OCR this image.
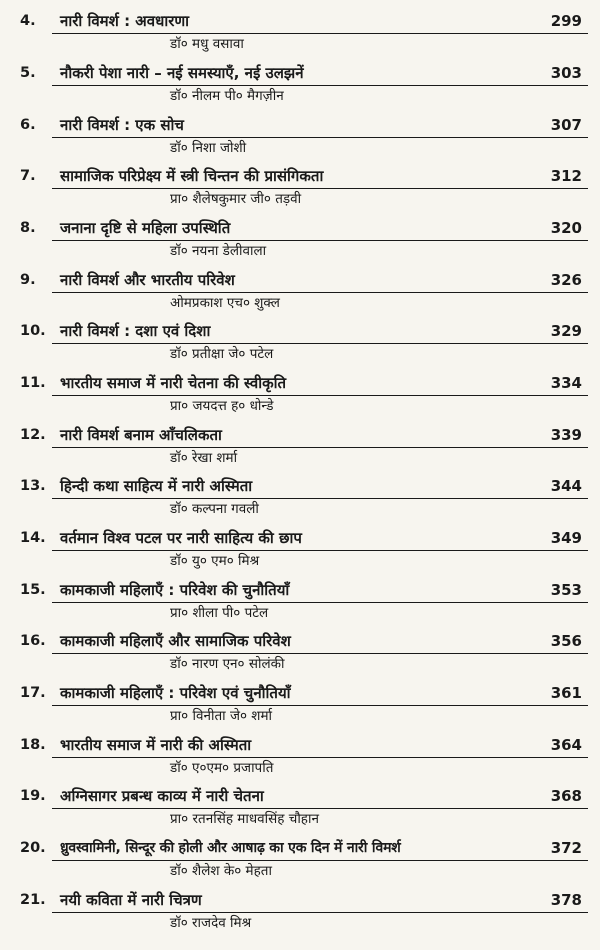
4. नारी विमर्श : अवधारणा	299
डॉ० मधु वसावा
5. नौकरी पेशा नारी – नई समस्याएँ, नई उलझनें	303
डॉ० नीलम पी० मैगज़ीन
6. नारी विमर्श : एक सोच	307
डॉ० निशा जोशी
7. सामाजिक परिप्रेक्ष्य में स्त्री चिन्तन की प्रासंगिकता	312
प्रा० शैलेषकुमार जी० तड़वी
8. जनाना दृष्टि से महिला उपस्थिति	320
डॉ० नयना डेलीवाला
9. नारी विमर्श और भारतीय परिवेश	326
ओमप्रकाश एच० शुक्ल
10. नारी विमर्श : दशा एवं दिशा	329
डॉ० प्रतीक्षा जे० पटेल
11. भारतीय समाज में नारी चेतना की स्वीकृति	334
प्रा० जयदत्त ह० धोन्डे
12. नारी विमर्श बनाम आँचलिकता	339
डॉ० रेखा शर्मा
13. हिन्दी कथा साहित्य में नारी अस्मिता	344
डॉ० कल्पना गवली
14. वर्तमान विश्व पटल पर नारी साहित्य की छाप	349
डॉ० यु० एम० मिश्र
15. कामकाजी महिलाएँ : परिवेश की चुनौतियाँ	353
प्रा० शीला पी० पटेल
16. कामकाजी महिलाएँ और सामाजिक परिवेश	356
डॉ० नारण एन० सोलंकी
17. कामकाजी महिलाएँ : परिवेश एवं चुनौतियाँ	361
प्रा० विनीता जे० शर्मा
18. भारतीय समाज में नारी की अस्मिता	364
डॉ० ए०एम० प्रजापति
19. अग्निसागर प्रबन्ध काव्य में नारी चेतना	368
प्रा० रतनसिंह माधवसिंह चौहान
20. ध्रुवस्वामिनी, सिन्दूर की होली और आषाढ़ का एक दिन में नारी विमर्श	372
डॉ० शैलेश के० मेहता
21. नयी कविता में नारी चित्रण	378
डॉ० राजदेव मिश्र
